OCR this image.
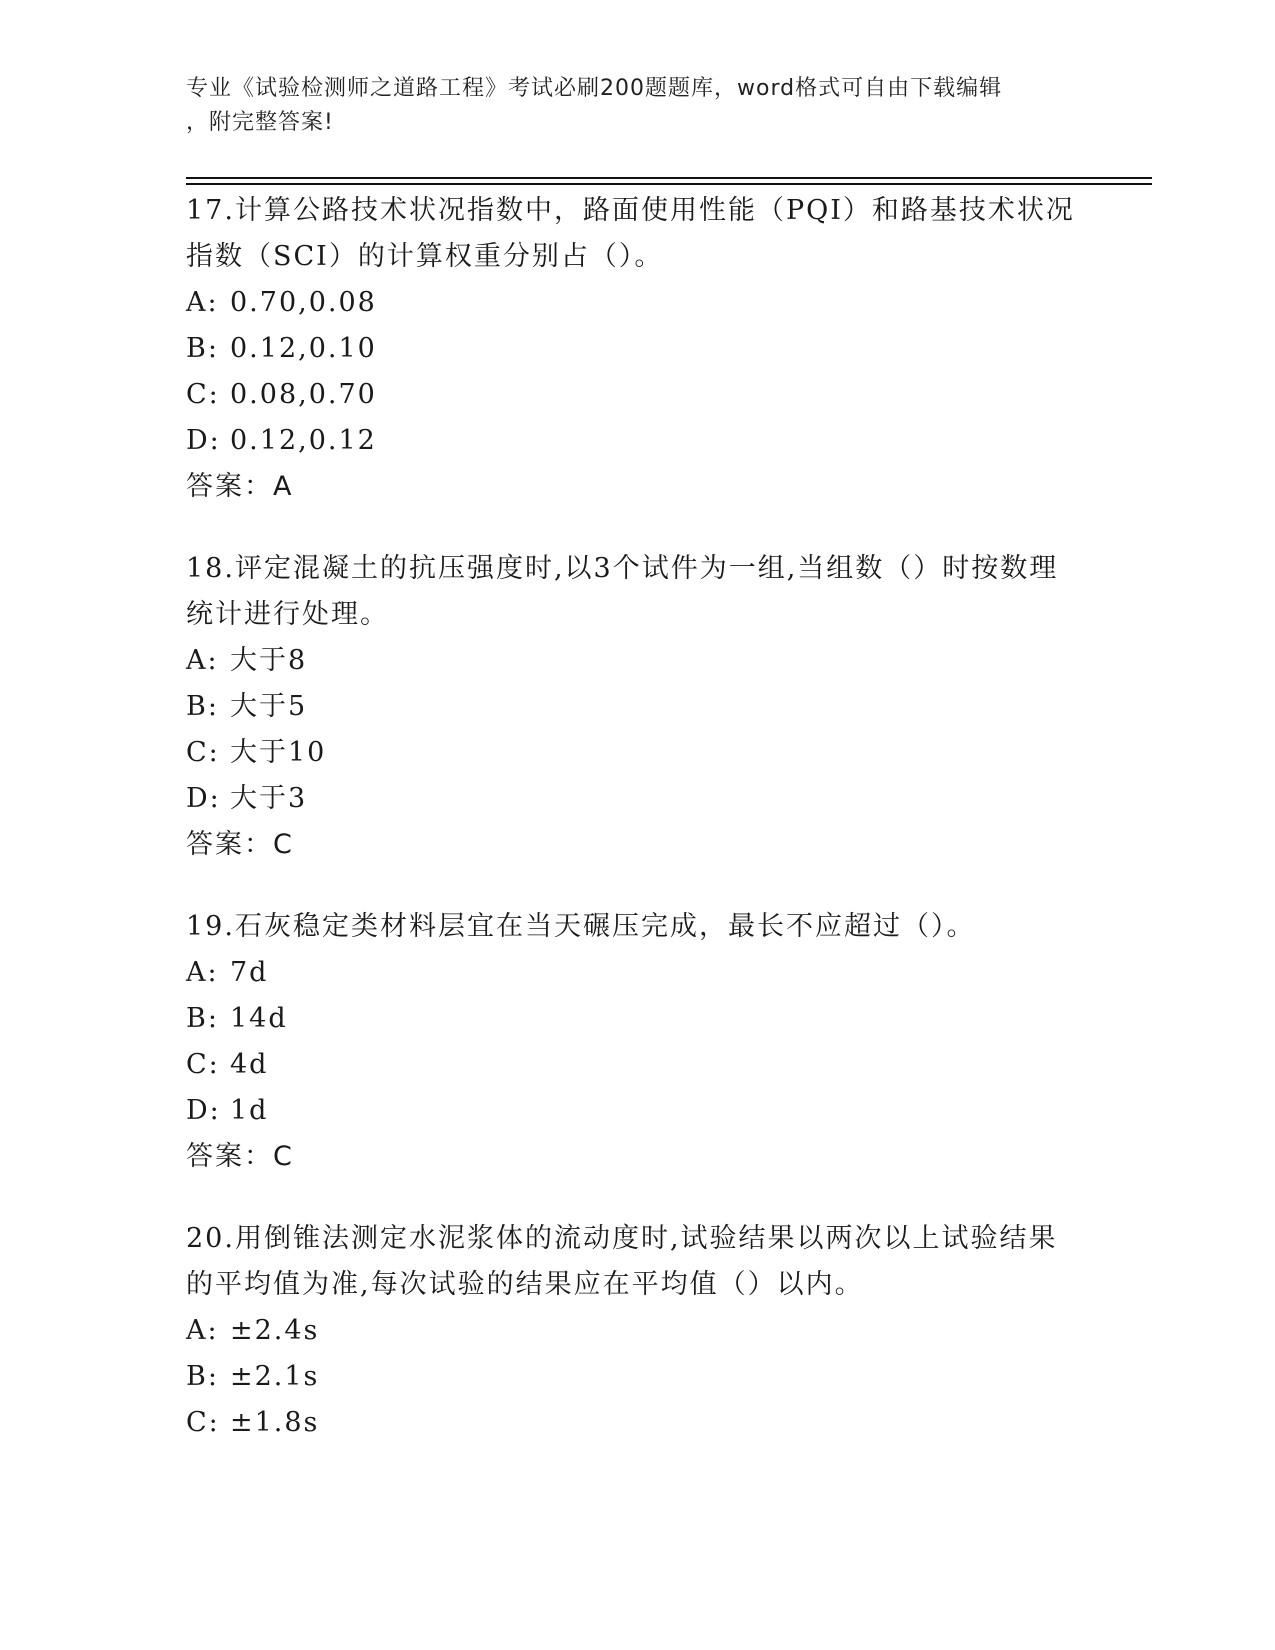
专业《试验检测师之道路工程》考试必刷200题题库，word格式可自由下载编辑
，附完整答案!
17.计算公路技术状况指数中，路面使用性能（PQI）和路基技术状况
指数（SCI）的计算权重分别占（）。
A: 0.70,0.08
B: 0.12,0.10
C: 0.08,0.70
D: 0.12,0.12
答案：A
18.评定混凝土的抗压强度时,以3个试件为一组,当组数（）时按数理
统计进行处理。
A: 大于8
B: 大于5
C: 大于10
D: 大于3
答案：C
19.石灰稳定类材料层宜在当天碾压完成，最长不应超过（）。
A: 7d
B: 14d
C: 4d
D: 1d
答案：C
20.用倒锥法测定水泥浆体的流动度时,试验结果以两次以上试验结果
的平均值为准,每次试验的结果应在平均值（）以内。
A: ±2.4s
B: ±2.1s
C: ±1.8s
